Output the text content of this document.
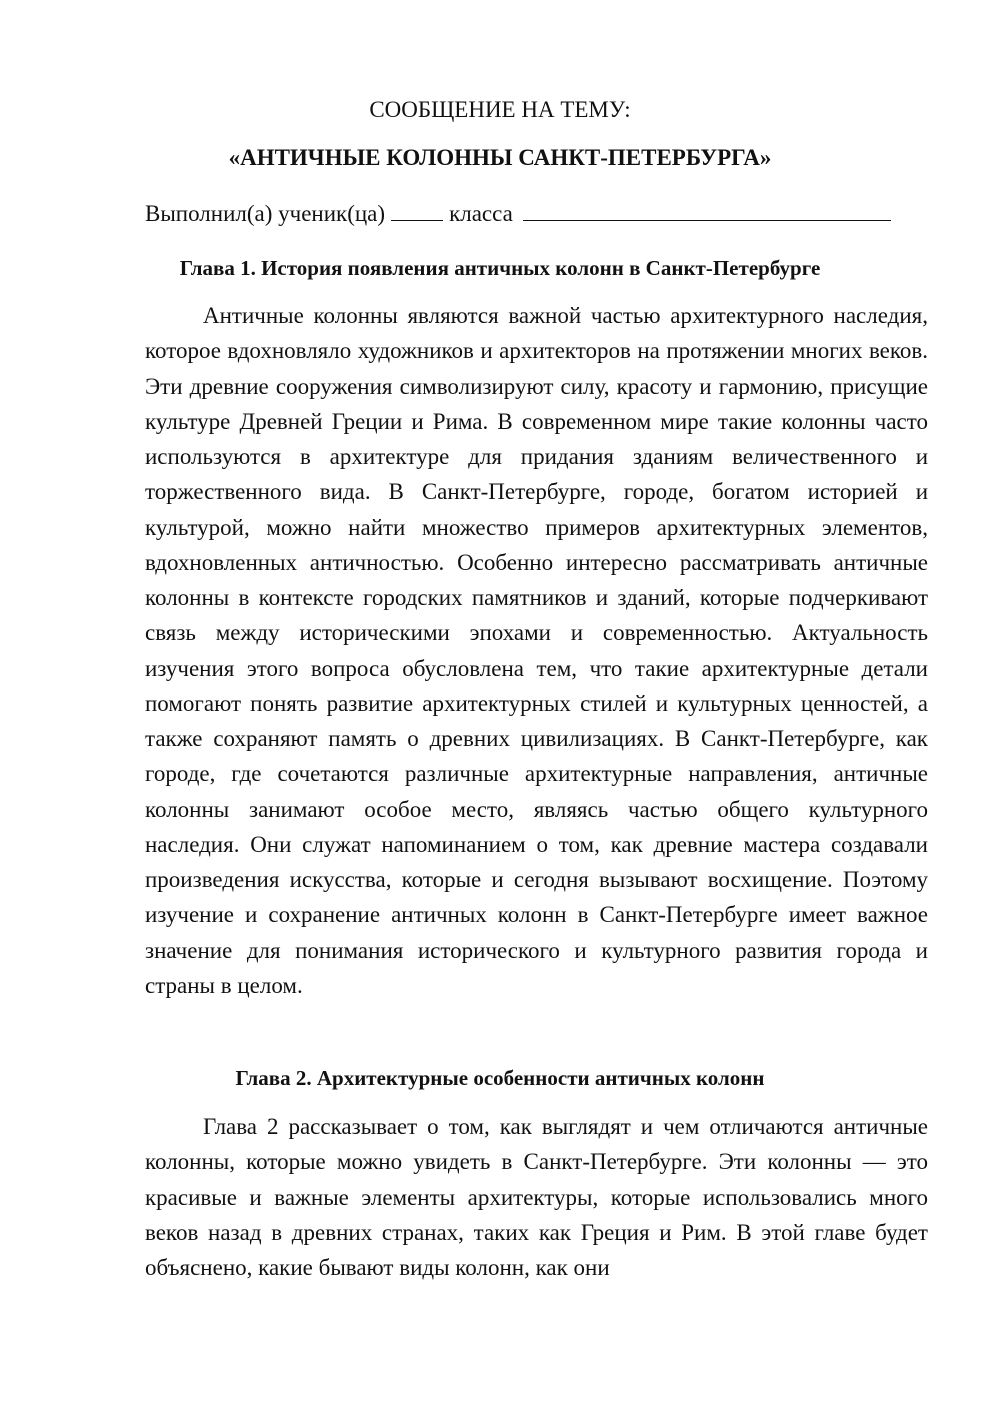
СООБЩЕНИЕ НА ТЕМУ:
«АНТИЧНЫЕ КОЛОННЫ САНКТ-ПЕТЕРБУРГА»
Выполнил(а) ученик(ца)	класса
Глава 1. История появления античных колонн в Санкт-Петербурге

Античные колонны являются важной частью архитектурного наследия, которое вдохновляло художников и архитекторов на протяжении многих веков. Эти древние сооружения символизируют силу, красоту и гармонию, присущие культуре Древней Греции и Рима. В современном мире такие колонны часто используются в архитектуре для придания зданиям величественного и торжественного вида. В Санкт-Петербурге, городе, богатом историей и культурой, можно найти множество примеров архитектурных элементов, вдохновленных античностью. Особенно интересно рассматривать античные колонны в контексте городских памятников и зданий, которые подчеркивают связь между историческими эпохами и современностью. Актуальность изучения этого вопроса обусловлена тем, что такие архитектурные детали помогают понять развитие архитектурных стилей и культурных ценностей, а также сохраняют память о древних цивилизациях. В Санкт-Петербурге, как городе, где сочетаются различные архитектурные направления, античные колонны занимают особое место, являясь частью общего культурного наследия. Они служат напоминанием о том, как древние мастера создавали произведения искусства, которые и сегодня вызывают восхищение. Поэтому изучение и сохранение античных колонн в Санкт-Петербурге имеет важное значение для понимания исторического и культурного развития города и страны в целом.

Глава 2. Архитектурные особенности античных колонн

Глава 2 рассказывает о том, как выглядят и чем отличаются античные колонны, которые можно увидеть в Санкт-Петербурге. Эти колонны — это красивые и важные элементы архитектуры, которые использовались много веков назад в древних странах, таких как Греция и Рим. В этой главе будет объяснено, какие бывают виды колонн, как они
